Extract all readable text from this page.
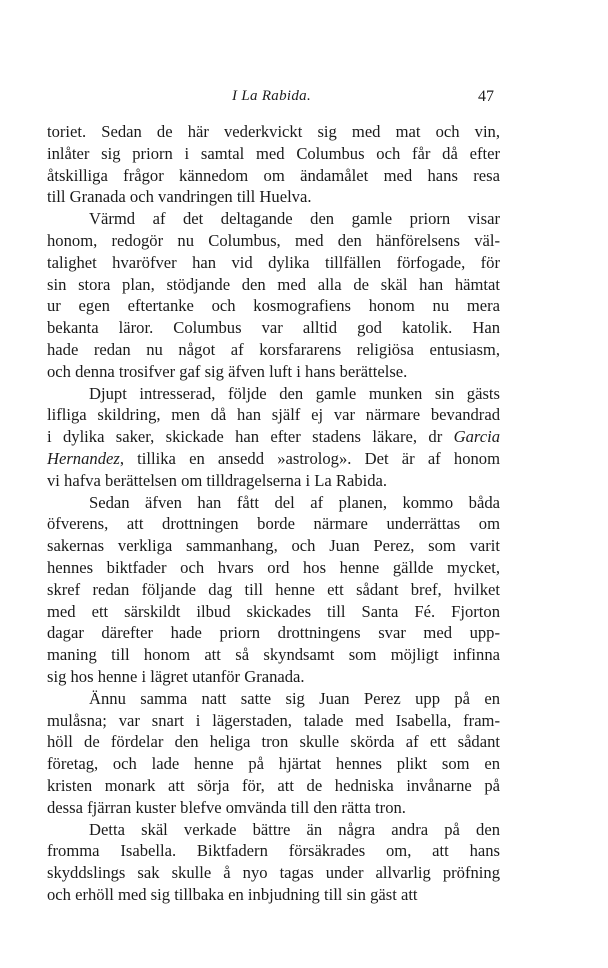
I La Rabida.	47
toriet. Sedan de här vederkvickt sig med mat och vin,
inlåter sig priorn i samtal med Columbus och får då efter
åtskilliga frågor kännedom om ändamålet med hans resa
till Granada och vandringen till Huelva.
Värmd af det deltagande den gamle priorn visar
honom, redogör nu Columbus, med den hänförelsens väl-
talighet hvaröfver han vid dylika tillfällen förfogade, för
sin stora plan, stödjande den med alla de skäl han hämtat
ur egen eftertanke och kosmografiens honom nu mera
bekanta läror. Columbus var alltid god katolik. Han
hade redan nu något af korsfararens religiösa entusiasm,
och denna trosifver gaf sig äfven luft i hans berättelse.
Djupt intresserad, följde den gamle munken sin gästs
lifliga skildring, men då han själf ej var närmare bevandrad
i dylika saker, skickade han efter stadens läkare, dr Garcia
Hernandez, tillika en ansedd »astrolog». Det är af honom
vi hafva berättelsen om tilldragelserna i La Rabida.
Sedan äfven han fått del af planen, kommo båda
öfverens, att drottningen borde närmare underrättas om
sakernas verkliga sammanhang, och Juan Perez, som varit
hennes biktfader och hvars ord hos henne gällde mycket,
skref redan följande dag till henne ett sådant bref, hvilket
med ett särskildt ilbud skickades till Santa Fé. Fjorton
dagar därefter hade priorn drottningens svar med upp-
maning till honom att så skyndsamt som möjligt infinna
sig hos henne i lägret utanför Granada.
Ännu samma natt satte sig Juan Perez upp på en
mulåsna; var snart i lägerstaden, talade med Isabella, fram-
höll de fördelar den heliga tron skulle skörda af ett sådant
företag, och lade henne på hjärtat hennes plikt som en
kristen monark att sörja för, att de hedniska invånarne på
dessa fjärran kuster blefve omvända till den rätta tron.
Detta skäl verkade bättre än några andra på den
fromma Isabella. Biktfadern försäkrades om, att hans
skyddslings sak skulle å nyo tagas under allvarlig pröfning
och erhöll med sig tillbaka en inbjudning till sin gäst att
